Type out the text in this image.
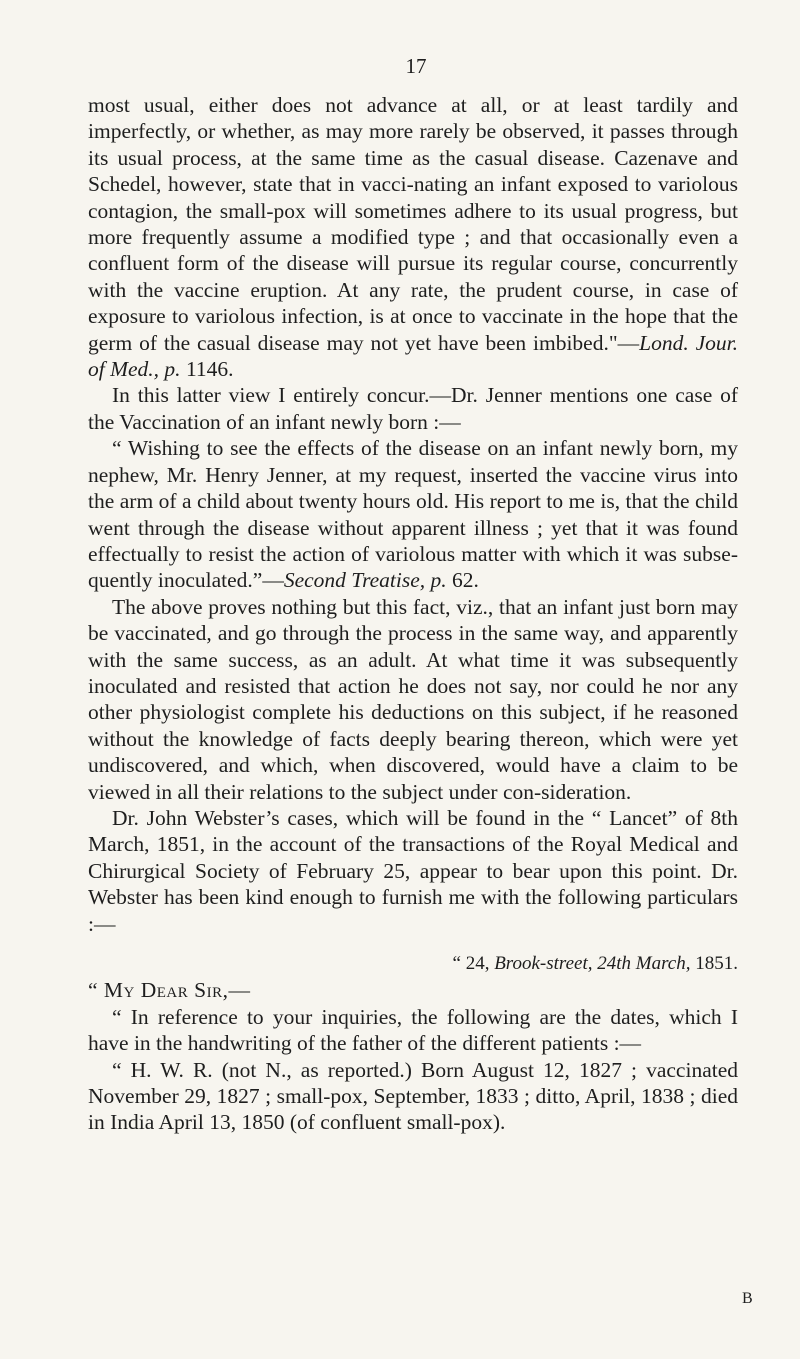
17

most usual, either does not advance at all, or at least tardily and imperfectly, or whether, as may more rarely be observed, it passes through its usual process, at the same time as the casual disease. Cazenave and Schedel, however, state that in vacci-nating an infant exposed to variolous contagion, the small-pox will sometimes adhere to its usual progress, but more frequently assume a modified type ; and that occasionally even a confluent form of the disease will pursue its regular course, concurrently with the vaccine eruption. At any rate, the prudent course, in case of exposure to variolous infection, is at once to vaccinate in the hope that the germ of the casual disease may not yet have been imbibed."—Lond. Jour. of Med., p. 1146.

In this latter view I entirely concur.—Dr. Jenner mentions one case of the Vaccination of an infant newly born :—

“ Wishing to see the effects of the disease on an infant newly born, my nephew, Mr. Henry Jenner, at my request, inserted the vaccine virus into the arm of a child about twenty hours old. His report to me is, that the child went through the disease without apparent illness ; yet that it was found effectually to resist the action of variolous matter with which it was subse-quently inoculated.”—Second Treatise, p. 62.

The above proves nothing but this fact, viz., that an infant just born may be vaccinated, and go through the process in the same way, and apparently with the same success, as an adult. At what time it was subsequently inoculated and resisted that action he does not say, nor could he nor any other physiologist complete his deductions on this subject, if he reasoned without the knowledge of facts deeply bearing thereon, which were yet undiscovered, and which, when discovered, would have a claim to be viewed in all their relations to the subject under con-sideration.

Dr. John Webster’s cases, which will be found in the “ Lancet” of 8th March, 1851, in the account of the transactions of the Royal Medical and Chirurgical Society of February 25, appear to bear upon this point. Dr. Webster has been kind enough to furnish me with the following particulars :—

“ 24, Brook-street, 24th March, 1851.

“ My Dear Sir,—

“ In reference to your inquiries, the following are the dates, which I have in the handwriting of the father of the different patients :—

“ H. W. R. (not N., as reported.) Born August 12, 1827 ; vaccinated November 29, 1827 ; small-pox, September, 1833 ; ditto, April, 1838 ; died in India April 13, 1850 (of confluent small-pox).

B
